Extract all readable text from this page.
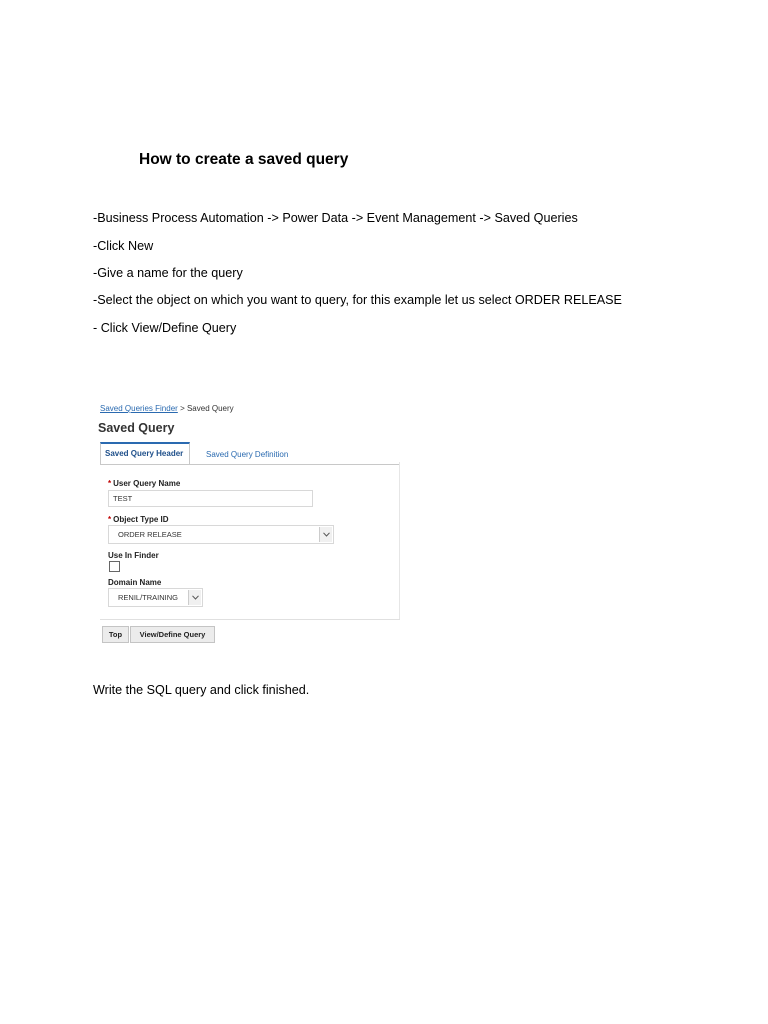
How to create a saved query

-Business Process Automation -> Power Data -> Event Management -> Saved Queries

-Click New

-Give a name for the query

-Select the object on which you want to query, for this example let us select ORDER RELEASE

- Click View/Define Query

Saved Queries Finder > Saved Query
Saved Query
Saved Query Header	Saved Query Definition
* User Query Name
TEST
* Object Type ID
ORDER RELEASE
Use In Finder
Domain Name
RENIL/TRAINING
Top	View/Define Query

Write the SQL query and click finished.
